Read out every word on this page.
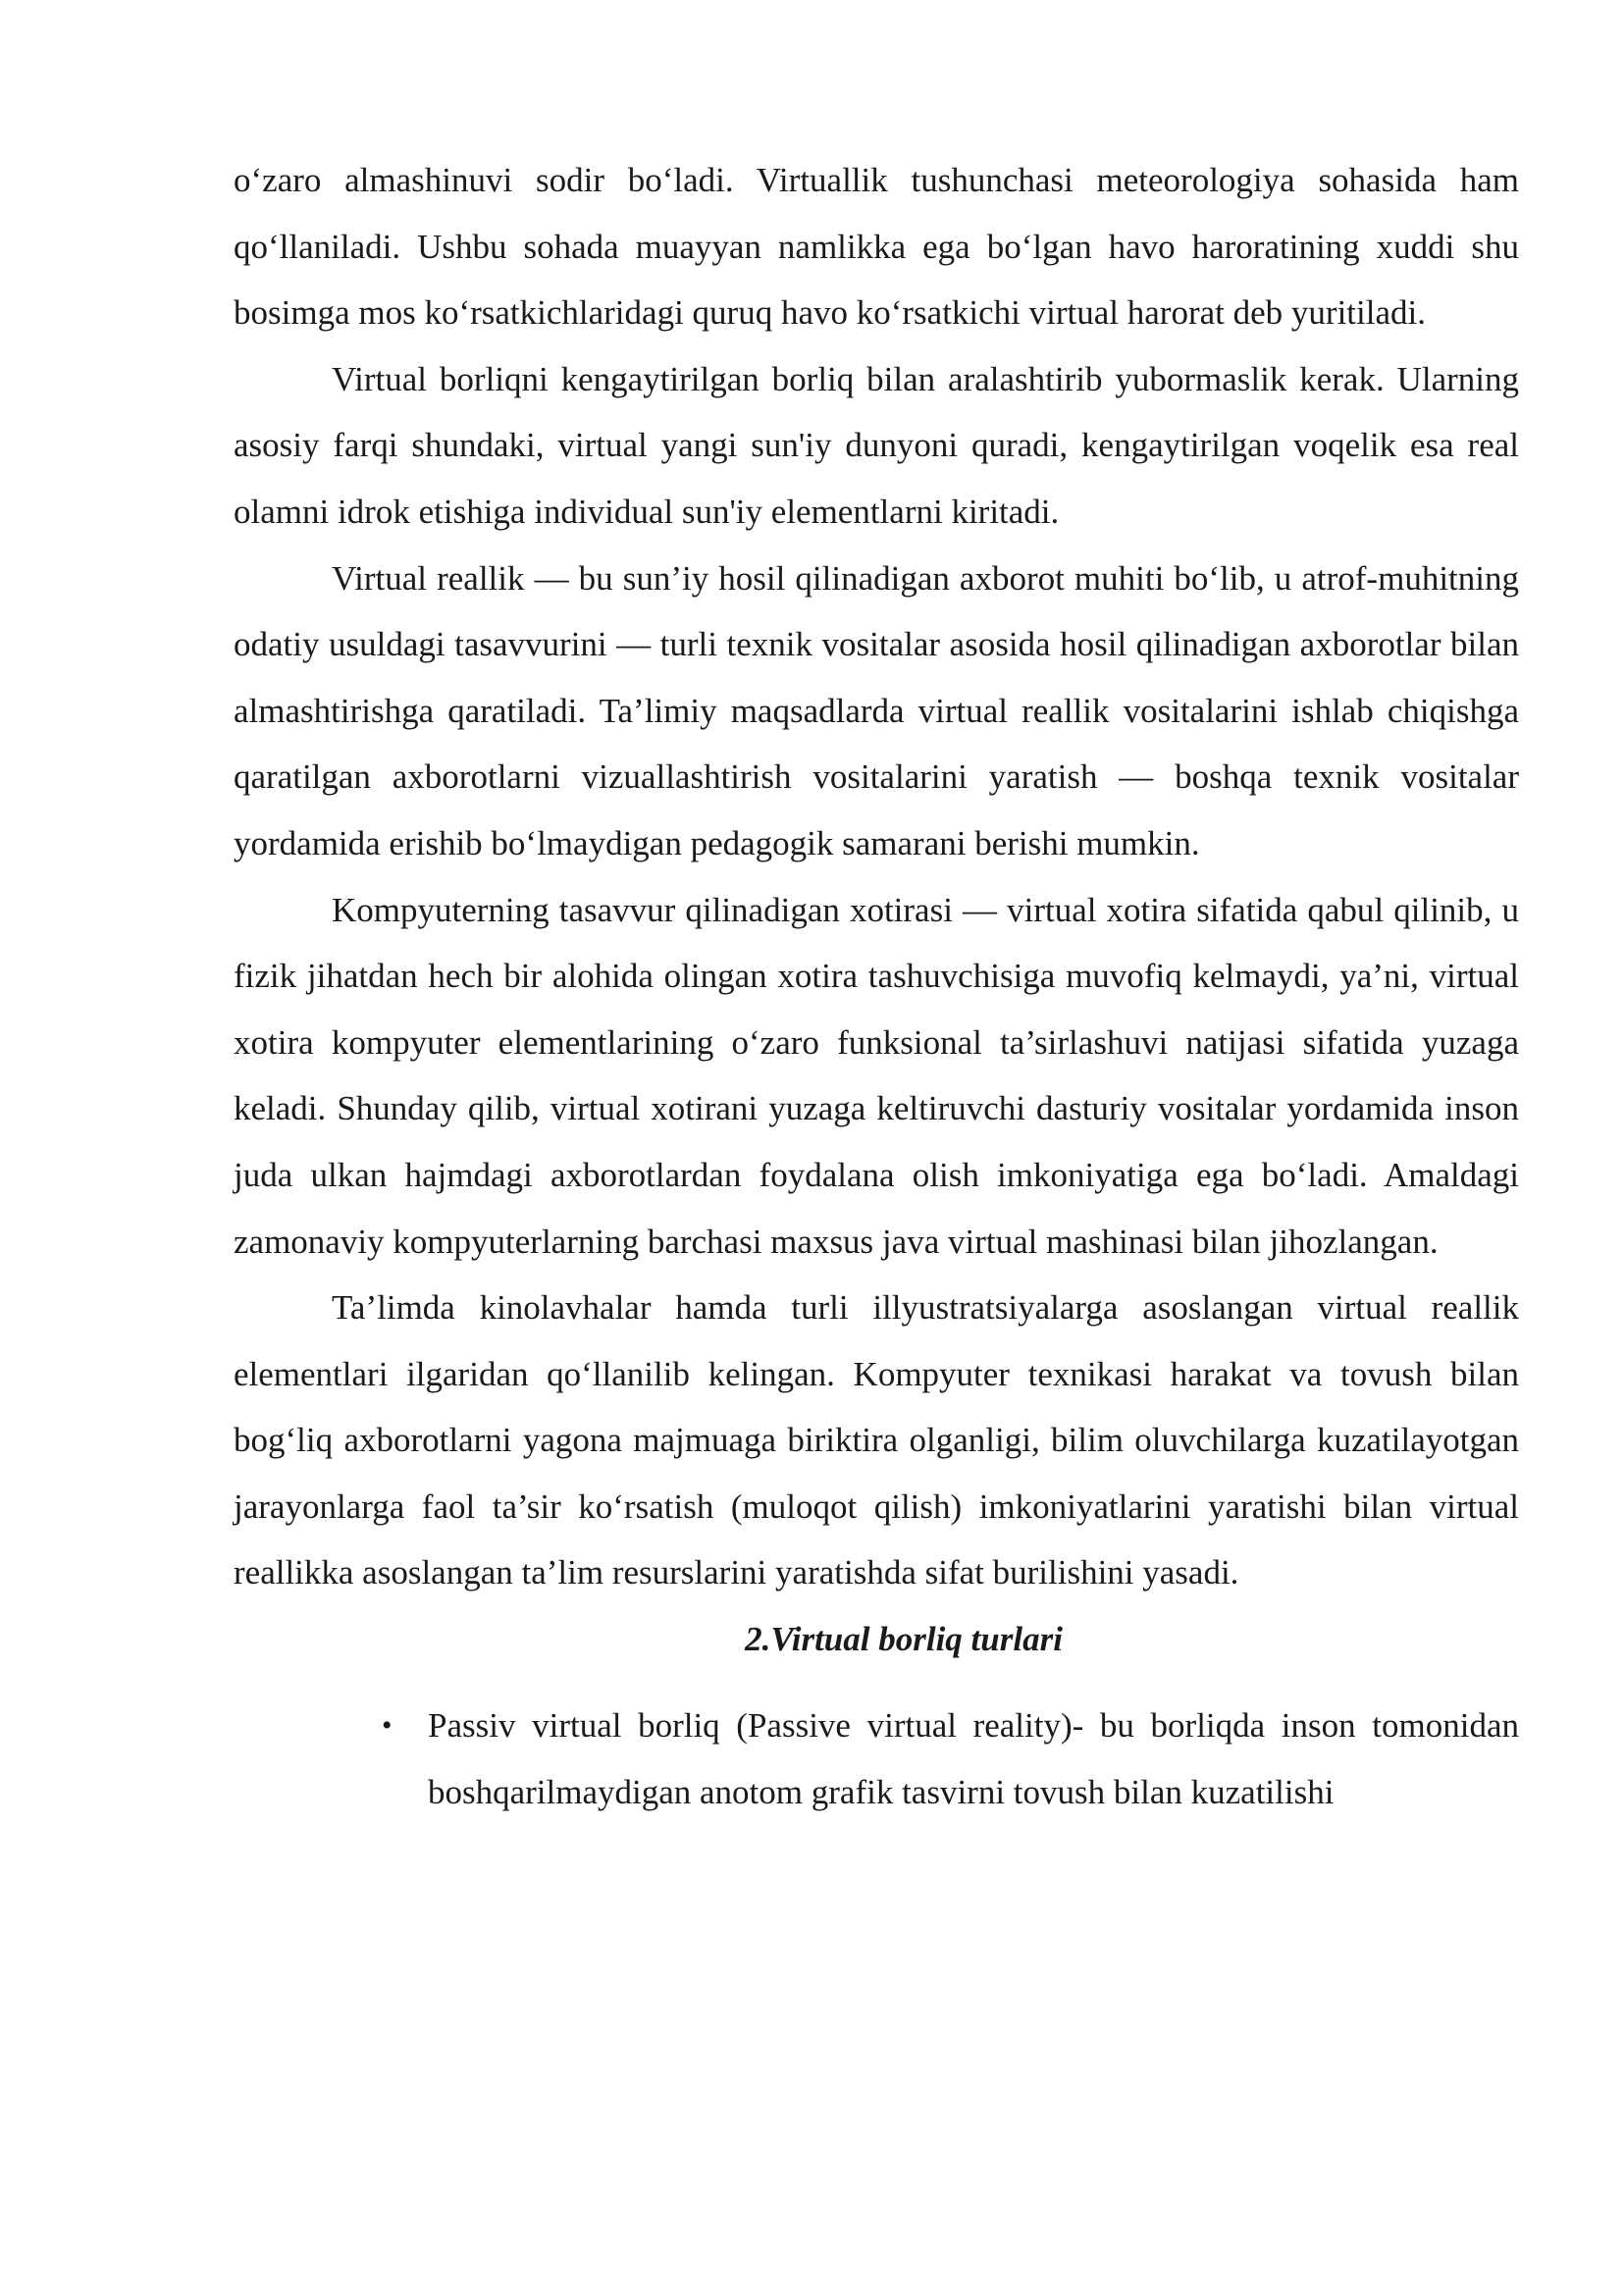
o‘zaro almashinuvi sodir bo‘ladi. Virtuallik tushunchasi meteorologiya sohasida ham qo‘llaniladi. Ushbu sohada muayyan namlikka ega bo‘lgan havo haroratining xuddi shu bosimga mos ko‘rsatkichlaridagi quruq havo ko‘rsatkichi virtual harorat deb yuritiladi.

Virtual borliqni kengaytirilgan borliq bilan aralashtirib yubormaslik kerak. Ularning asosiy farqi shundaki, virtual yangi sun'iy dunyoni quradi, kengaytirilgan voqelik esa real olamni idrok etishiga individual sun'iy elementlarni kiritadi.

Virtual reallik — bu sun’iy hosil qilinadigan axborot muhiti bo‘lib, u atrof-muhitning odatiy usuldagi tasavvurini — turli texnik vositalar asosida hosil qilinadigan axborotlar bilan almashtirishga qaratiladi. Ta’limiy maqsadlarda virtual reallik vositalarini ishlab chiqishga qaratilgan axborotlarni vizuallashtirish vositalarini yaratish — boshqa texnik vositalar yordamida erishib bo‘lmaydigan pedagogik samarani berishi mumkin.

Kompyuterning tasavvur qilinadigan xotirasi — virtual xotira sifatida qabul qilinib, u fizik jihatdan hech bir alohida olingan xotira tashuvchisiga muvofiq kelmaydi, ya’ni, virtual xotira kompyuter elementlarining o‘zaro funksional ta’sirlashuvi natijasi sifatida yuzaga keladi. Shunday qilib, virtual xotirani yuzaga keltiruvchi dasturiy vositalar yordamida inson juda ulkan hajmdagi axborotlardan foydalana olish imkoniyatiga ega bo‘ladi. Amaldagi zamonaviy kompyuterlarning barchasi maxsus java virtual mashinasi bilan jihozlangan.

Ta’limda kinolavhalar hamda turli illyustratsiyalarga asoslangan virtual reallik elementlari ilgaridan qo‘llanilib kelingan. Kompyuter texnikasi harakat va tovush bilan bog‘liq axborotlarni yagona majmuaga biriktira olganligi, bilim oluvchilarga kuzatilayotgan jarayonlarga faol ta’sir ko‘rsatish (muloqot qilish) imkoniyatlarini yaratishi bilan virtual reallikka asoslangan ta’lim resurslarini yaratishda sifat burilishini yasadi.

2.Virtual borliq turlari

• Passiv virtual borliq (Passive virtual reality)- bu borliqda inson tomonidan boshqarilmaydigan anotom grafik tasvirni tovush bilan kuzatilishi
